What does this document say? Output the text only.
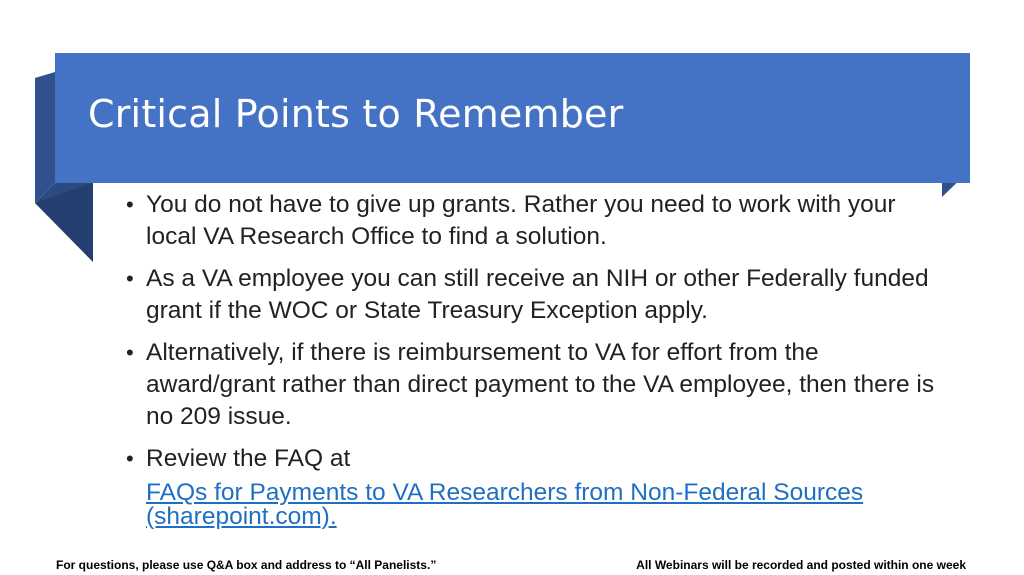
Critical Points to Remember
• You do not have to give up grants. Rather you need to work with your local VA Research Office to find a solution.
• As a VA employee you can still receive an NIH or other Federally funded grant if the WOC or State Treasury Exception apply.
• Alternatively, if there is reimbursement to VA for effort from the award/grant rather than direct payment to the VA employee, then there is no 209 issue.
• Review the FAQ at
FAQs for Payments to VA Researchers from Non-Federal Sources (sharepoint.com).
For questions, please use Q&A box and address to “All Panelists.”	All Webinars will be recorded and posted within one week
